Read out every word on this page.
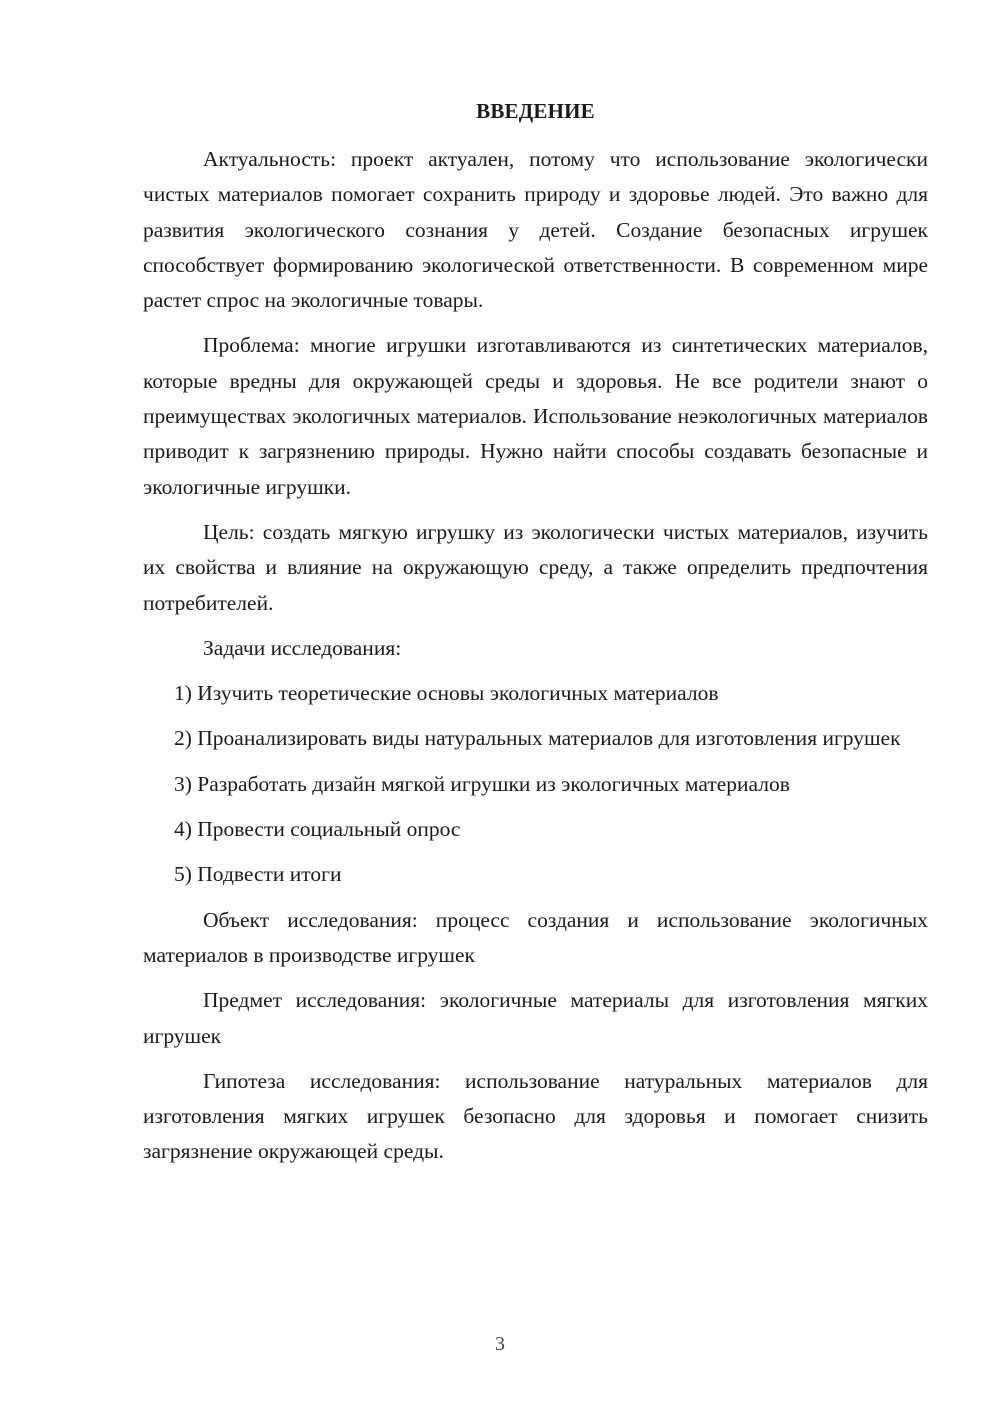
ВВЕДЕНИЕ

Актуальность: проект актуален, потому что использование экологически чистых материалов помогает сохранить природу и здоровье людей. Это важно для развития экологического сознания у детей. Создание безопасных игрушек способствует формированию экологической ответственности. В современном мире растет спрос на экологичные товары.

Проблема: многие игрушки изготавливаются из синтетических материалов, которые вредны для окружающей среды и здоровья. Не все родители знают о преимуществах экологичных материалов. Использование неэкологичных материалов приводит к загрязнению природы. Нужно найти способы создавать безопасные и экологичные игрушки.

Цель: создать мягкую игрушку из экологически чистых материалов, изучить их свойства и влияние на окружающую среду, а также определить предпочтения потребителей.

Задачи исследования:

1) Изучить теоретические основы экологичных материалов

2) Проанализировать виды натуральных материалов для изготовления игрушек

3) Разработать дизайн мягкой игрушки из экологичных материалов

4) Провести социальный опрос

5) Подвести итоги

Объект исследования: процесс создания и использование экологичных материалов в производстве игрушек

Предмет исследования: экологичные материалы для изготовления мягких игрушек

Гипотеза исследования: использование натуральных материалов для изготовления мягких игрушек безопасно для здоровья и помогает снизить загрязнение окружающей среды.

3
